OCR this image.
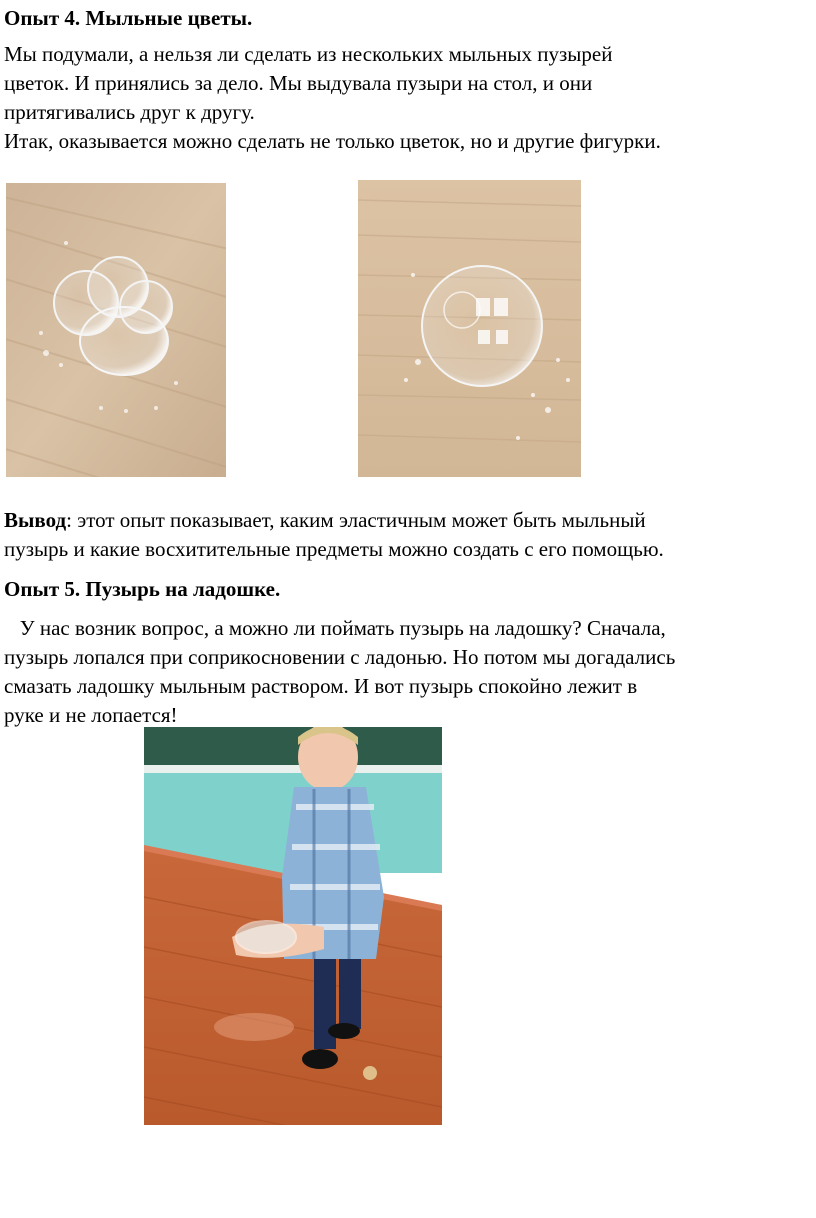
Опыт 4. Мыльные цветы.

Мы подумали, а нельзя ли сделать из нескольких мыльных пузырей

цветок. И принялись за дело. Мы выдувала пузыри на стол, и они

притягивались друг к другу.

Итак, оказывается можно сделать не только цветок, но и другие фигурки.

Вывод: этот опыт показывает, каким эластичным может быть мыльный

пузырь и какие восхитительные предметы можно создать с его помощью.

Опыт 5. Пузырь на ладошке.

У нас возник вопрос, а можно ли поймать пузырь на ладошку? Сначала,

пузырь лопался при соприкосновении с ладонью. Но потом мы догадались

смазать ладошку мыльным раствором. И вот пузырь спокойно лежит в

руке и не лопается!
